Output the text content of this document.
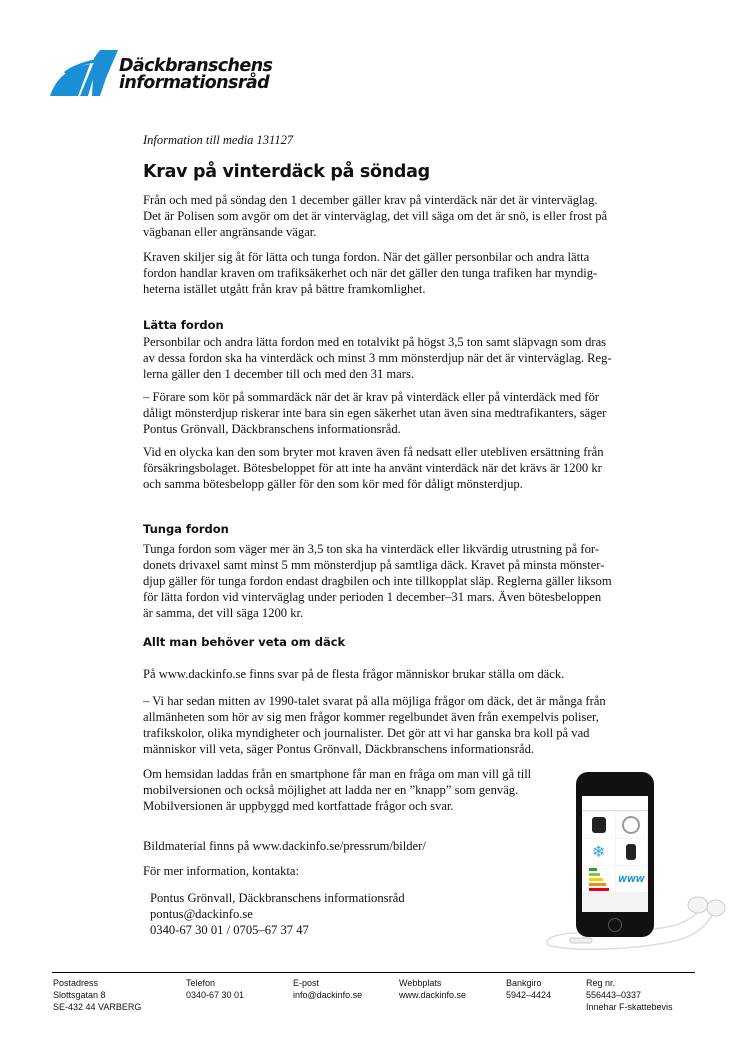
Däckbranschens
informationsråd
Information till media 131127
Krav på vinterdäck på söndag
Från och med på söndag den 1 december gäller krav på vinterdäck när det är vinterväglag.
Det är Polisen som avgör om det är vinterväglag, det vill säga om det är snö, is eller frost på
vägbanan eller angränsande vägar.
Kraven skiljer sig åt för lätta och tunga fordon. När det gäller personbilar och andra lätta
fordon handlar kraven om trafiksäkerhet och när det gäller den tunga trafiken har myndig-
heterna istället utgått från krav på bättre framkomlighet.
Lätta fordon
Personbilar och andra lätta fordon med en totalvikt på högst 3,5 ton samt släpvagn som dras
av dessa fordon ska ha vinterdäck och minst 3 mm mönsterdjup när det är vinterväglag. Reg-
lerna gäller den 1 december till och med den 31 mars.
– Förare som kör på sommardäck när det är krav på vinterdäck eller på vinterdäck med för
dåligt mönsterdjup riskerar inte bara sin egen säkerhet utan även sina medtrafikanters, säger
Pontus Grönvall, Däckbranschens informationsråd.
Vid en olycka kan den som bryter mot kraven även få nedsatt eller utebliven ersättning från
försäkringsbolaget. Bötesbeloppet för att inte ha använt vinterdäck när det krävs är 1200 kr
och samma bötesbelopp gäller för den som kör med för dåligt mönsterdjup.
Tunga fordon
Tunga fordon som väger mer än 3,5 ton ska ha vinterdäck eller likvärdig utrustning på for-
donets drivaxel samt minst 5 mm mönsterdjup på samtliga däck. Kravet på minsta mönster-
djup gäller för tunga fordon endast dragbilen och inte tillkopplat släp. Reglerna gäller liksom
för lätta fordon vid vinterväglag under perioden 1 december–31 mars. Även bötesbeloppen
är samma, det vill säga 1200 kr.
Allt man behöver veta om däck
På www.dackinfo.se finns svar på de flesta frågor människor brukar ställa om däck.
– Vi har sedan mitten av 1990-talet svarat på alla möjliga frågor om däck, det är många från
allmänheten som hör av sig men frågor kommer regelbundet även från exempelvis poliser,
trafikskolor, olika myndigheter och journalister. Det gör att vi har ganska bra koll på vad
människor vill veta, säger Pontus Grönvall, Däckbranschens informationsråd.
Om hemsidan laddas från en smartphone får man en fråga om man vill gå till
mobilversionen och också möjlighet att ladda ner en ”knapp” som genväg.
Mobilversionen är uppbyggd med kortfattade frågor och svar.
Bildmaterial finns på www.dackinfo.se/pressrum/bilder/
För mer information, kontakta:
Pontus Grönvall, Däckbranschens informationsråd
pontus@dackinfo.se
0340-67 30 01 / 0705–67 37 47
❄
WWW
Postadress
Slottsgatan 8
SE-432 44 VARBERG
Telefon
0340-67 30 01
E-post
info@dackinfo.se
Webbplats
www.dackinfo.se
Bankgiro
5942–4424
Reg nr.
556443–0337
Innehar F-skattebevis
